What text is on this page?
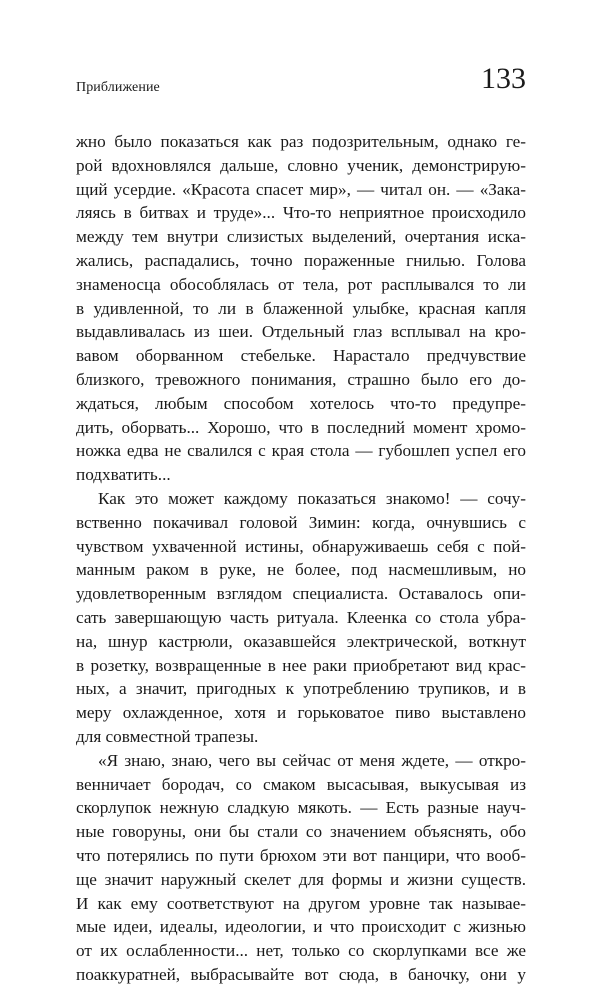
Приближение	133
жно было показаться как раз подозрительным, однако ге-
рой вдохновлялся дальше, словно ученик, демонстрирую-
щий усердие. «Красота спасет мир», — читал он. — «Зака-
ляясь в битвах и труде»... Что-то неприятное происходило
между тем внутри слизистых выделений, очертания иска-
жались, распадались, точно пораженные гнилью. Голова
знаменосца обособлялась от тела, рот расплывался то ли
в удивленной, то ли в блаженной улыбке, красная капля
выдавливалась из шеи. Отдельный глаз всплывал на кро-
вавом оборванном стебельке. Нарастало предчувствие
близкого, тревожного понимания, страшно было его до-
ждаться, любым способом хотелось что-то предупре-
дить, оборвать... Хорошо, что в последний момент хромо-
ножка едва не свалился с края стола — губошлеп успел его
подхватить...
Как это может каждому показаться знакомо! — сочу-
вственно покачивал головой Зимин: когда, очнувшись с
чувством ухваченной истины, обнаруживаешь себя с пой-
манным раком в руке, не более, под насмешливым, но
удовлетворенным взглядом специалиста. Оставалось опи-
сать завершающую часть ритуала. Клеенка со стола убра-
на, шнур кастрюли, оказавшейся электрической, воткнут
в розетку, возвращенные в нее раки приобретают вид крас-
ных, а значит, пригодных к употреблению трупиков, и в
меру охлажденное, хотя и горьковатое пиво выставлено
для совместной трапезы.
«Я знаю, знаю, чего вы сейчас от меня ждете, — откро-
венничает бородач, со смаком высасывая, выкусывая из
скорлупок нежную сладкую мякоть. — Есть разные науч-
ные говоруны, они бы стали со значением объяснять, обо
что потерялись по пути брюхом эти вот панцири, что вооб-
ще значит наружный скелет для формы и жизни существ.
И как ему соответствуют на другом уровне так называе-
мые идеи, идеалы, идеологии, и что происходит с жизнью
от их ослабленности... нет, только со скорлупками все же
поаккуратней, выбрасывайте вот сюда, в баночку, они у
